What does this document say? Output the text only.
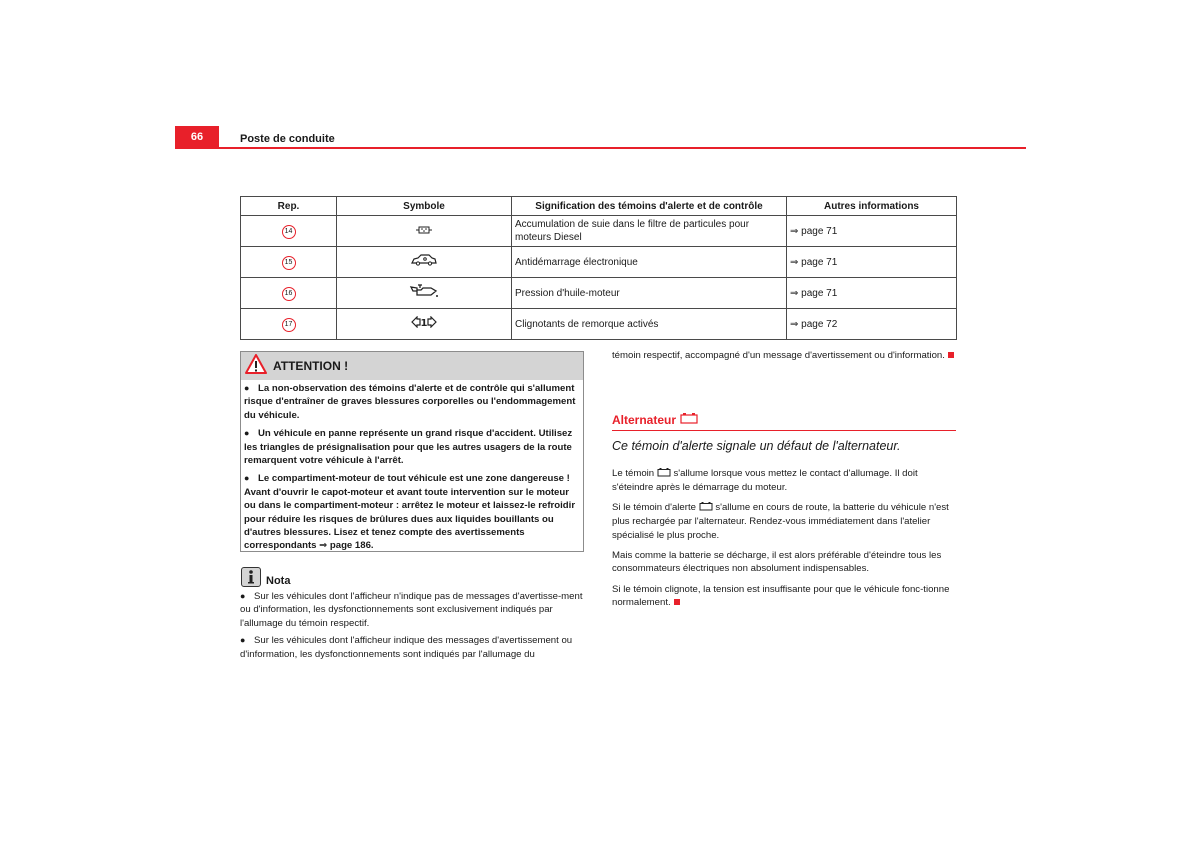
66	Poste de conduite
Rep.	Symbole	Signification des témoins d'alerte et de contrôle	Autres informations
14		Accumulation de suie dans le filtre de particules pour moteurs Diesel	⇒ page 71
15		Antidémarrage électronique	⇒ page 71
16		Pression d'huile-moteur	⇒ page 71
17	1	Clignotants de remorque activés	⇒ page 72
ATTENTION !

● La non-observation des témoins d'alerte et de contrôle qui s'allument risque d'entraîner de graves blessures corporelles ou l'endommagement du véhicule.

● Un véhicule en panne représente un grand risque d'accident. Utilisez les triangles de présignalisation pour que les autres usagers de la route remarquent votre véhicule à l'arrêt.

● Le compartiment-moteur de tout véhicule est une zone dangereuse ! Avant d'ouvrir le capot-moteur et avant toute intervention sur le moteur ou dans le compartiment-moteur : arrêtez le moteur et laissez-le refroidir pour réduire les risques de brûlures dues aux liquides bouillants ou d'autres blessures. Lisez et tenez compte des avertissements correspondants ⇒ page 186.

Nota

● Sur les véhicules dont l'afficheur n'indique pas de messages d'avertisse-ment ou d'information, les dysfonctionnements sont exclusivement indiqués par l'allumage du témoin respectif.

● Sur les véhicules dont l'afficheur indique des messages d'avertissement ou d'information, les dysfonctionnements sont indiqués par l'allumage du

témoin respectif, accompagné d'un message d'avertissement ou d'information.

Alternateur
Ce témoin d'alerte signale un défaut de l'alternateur.

Le témoin s'allume lorsque vous mettez le contact d'allumage. Il doit s'éteindre après le démarrage du moteur.

Si le témoin d'alerte s'allume en cours de route, la batterie du véhicule n'est plus rechargée par l'alternateur. Rendez-vous immédiatement dans l'atelier spécialisé le plus proche.

Mais comme la batterie se décharge, il est alors préférable d'éteindre tous les consommateurs électriques non absolument indispensables.

Si le témoin clignote, la tension est insuffisante pour que le véhicule fonc-tionne normalement.
